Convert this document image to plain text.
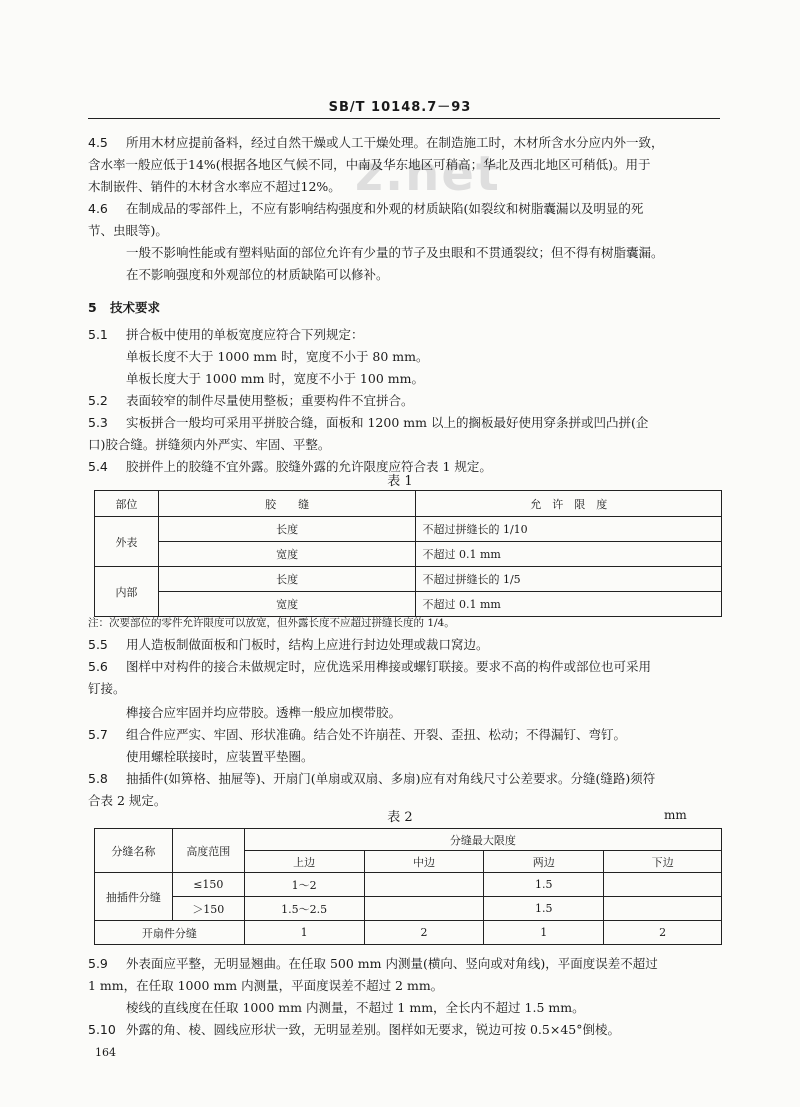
SB/T 10148.7－93
z.net
4.5 所用木材应提前备料，经过自然干燥或人工干燥处理。在制造施工时，木材所含水分应内外一致，
含水率一般应低于14%(根据各地区气候不同，中南及华东地区可稍高；华北及西北地区可稍低)。用于
木制嵌件、销件的木材含水率应不超过12%。
4.6 在制成品的零部件上，不应有影响结构强度和外观的材质缺陷(如裂纹和树脂囊漏以及明显的死
节、虫眼等)。
一般不影响性能或有塑料贴面的部位允许有少量的节子及虫眼和不贯通裂纹；但不得有树脂囊漏。
在不影响强度和外观部位的材质缺陷可以修补。
5 技术要求
5.1 拼合板中使用的单板宽度应符合下列规定：
单板长度不大于 1000 mm 时，宽度不小于 80 mm。
单板长度大于 1000 mm 时，宽度不小于 100 mm。
5.2 表面较窄的制件尽量使用整板；重要构件不宜拼合。
5.3 实板拼合一般均可采用平拼胶合缝，面板和 1200 mm 以上的搁板最好使用穿条拼或凹凸拼(企
口)胶合缝。拼缝须内外严实、牢固、平整。
5.4 胶拼件上的胶缝不宜外露。胶缝外露的允许限度应符合表 1 规定。
表 1
部位	胶　　缝	允　许　限　度
外表	长度	不超过拼缝长的 1/10
	宽度	不超过 0.1 mm
内部	长度	不超过拼缝长的 1/5
	宽度	不超过 0.1 mm
注：次要部位的零件允许限度可以放宽，但外露长度不应超过拼缝长度的 1/4。
5.5 用人造板制做面板和门板时，结构上应进行封边处理或裁口窝边。
5.6 图样中对构件的接合未做规定时，应优选采用榫接或螺钉联接。要求不高的构件或部位也可采用
钉接。
榫接合应牢固并均应带胶。透榫一般应加楔带胶。
5.7 组合件应严实、牢固、形状准确。结合处不许崩茬、开裂、歪扭、松动；不得漏钉、弯钉。
使用螺栓联接时，应装置平垫圈。
5.8 抽插件(如箅格、抽屉等)、开扇门(单扇或双扇、多扇)应有对角线尺寸公差要求。分缝(缝路)须符
合表 2 规定。
表 2	mm
分缝名称	高度范围	分缝最大限度			
		上边	中边	两边	下边
抽插件分缝	≤150	1～2		1.5	
	＞150	1.5～2.5		1.5	
开扇件分缝		1	2	1	2
5.9 外表面应平整，无明显翘曲。在任取 500 mm 内测量(横向、竖向或对角线)，平面度误差不超过
1 mm，在任取 1000 mm 内测量，平面度误差不超过 2 mm。
棱线的直线度在任取 1000 mm 内测量，不超过 1 mm，全长内不超过 1.5 mm。
5.10 外露的角、棱、圆线应形状一致，无明显差别。图样如无要求，锐边可按 0.5×45°倒棱。
164
